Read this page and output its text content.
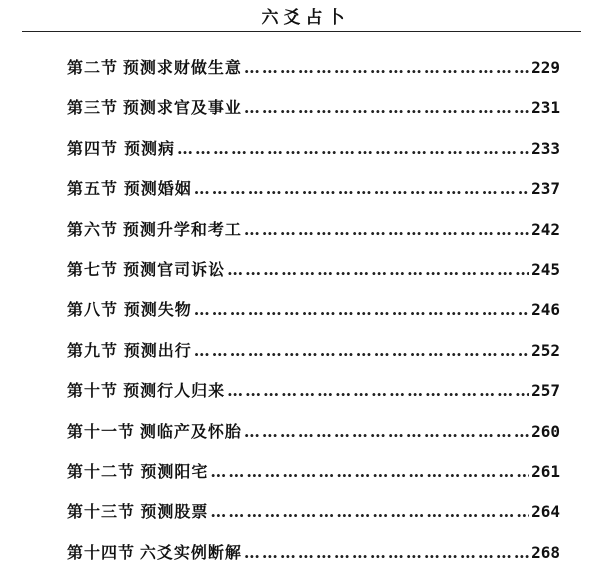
六爻占卜
第二节 预测求财做生意 …………………………………………………………………………………………………………………………	229
第三节 预测求官及事业 …………………………………………………………………………………………………………………………	231
第四节 预测病 …………………………………………………………………………………………………………………………	233
第五节 预测婚姻 …………………………………………………………………………………………………………………………	237
第六节 预测升学和考工 …………………………………………………………………………………………………………………………	242
第七节 预测官司诉讼 …………………………………………………………………………………………………………………………	245
第八节 预测失物 …………………………………………………………………………………………………………………………	246
第九节 预测出行 …………………………………………………………………………………………………………………………	252
第十节 预测行人归来 …………………………………………………………………………………………………………………………	257
第十一节 测临产及怀胎 …………………………………………………………………………………………………………………………	260
第十二节 预测阳宅 …………………………………………………………………………………………………………………………	261
第十三节 预测股票 …………………………………………………………………………………………………………………………	264
第十四节 六爻实例断解 …………………………………………………………………………………………………………………………	268
